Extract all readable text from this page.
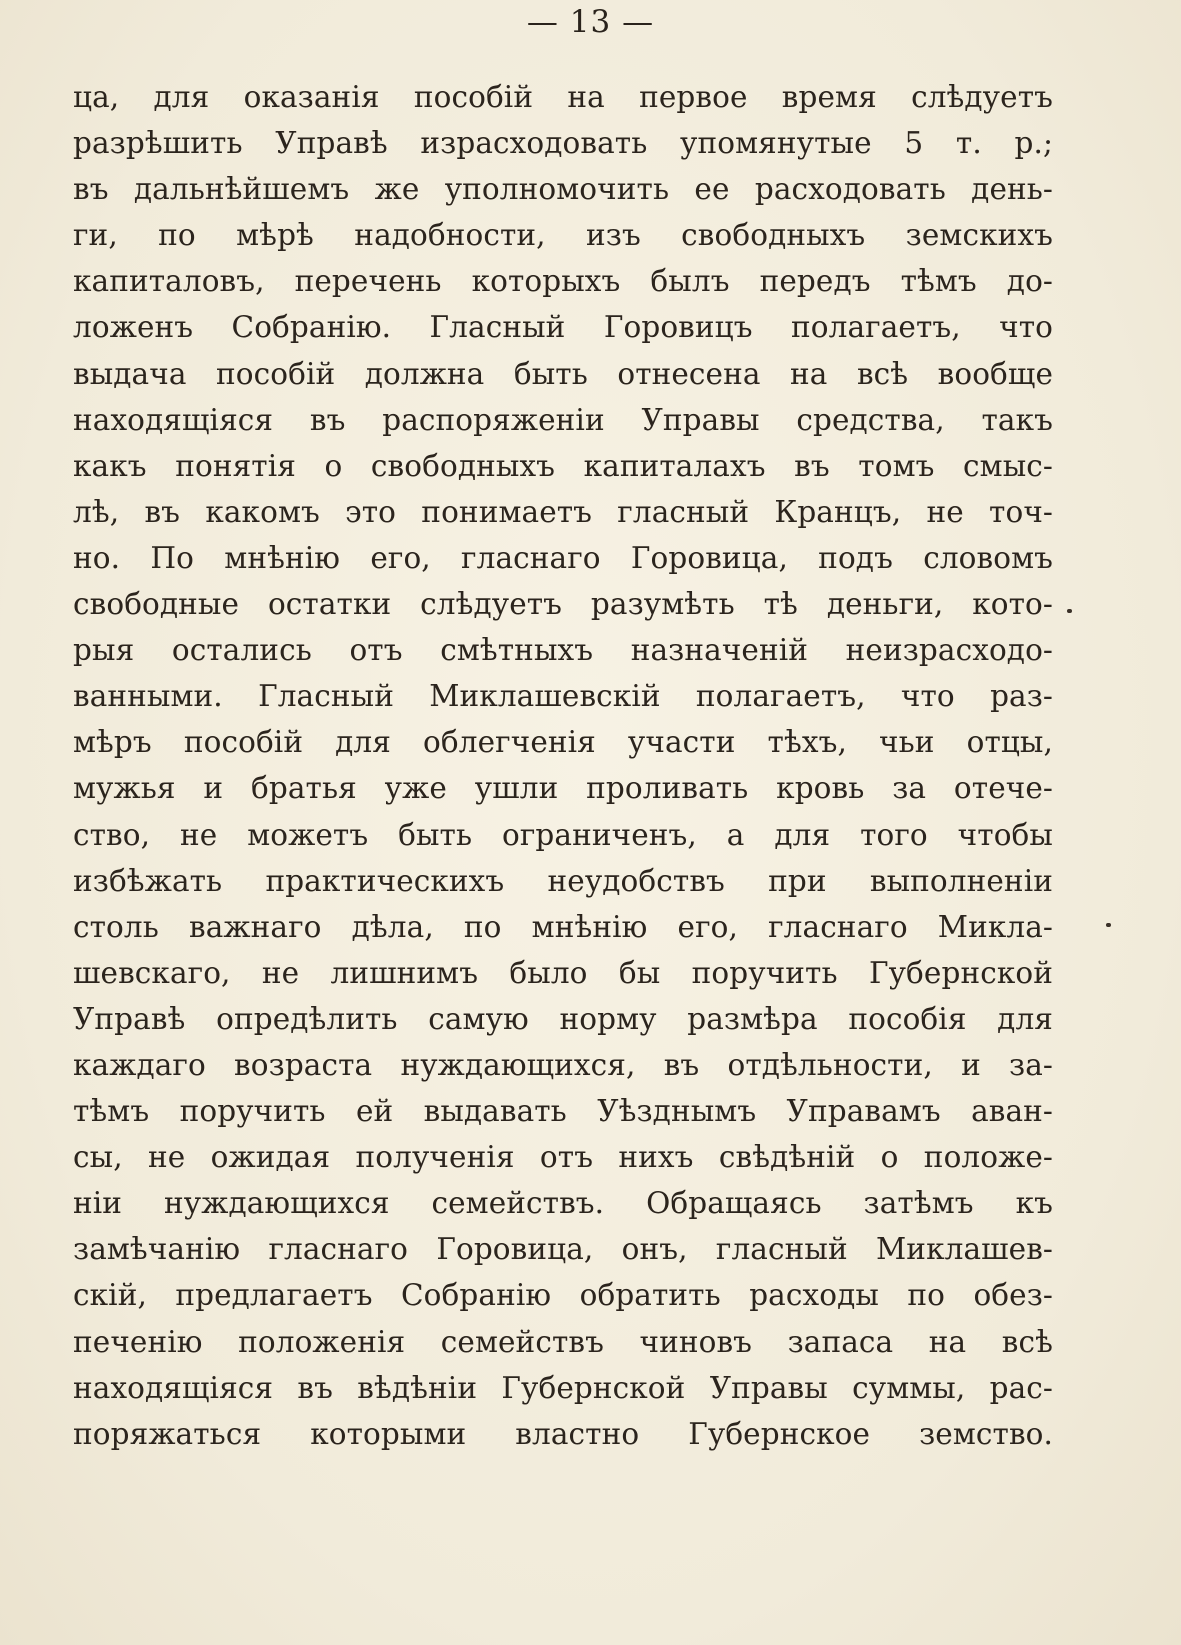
— 13 —
ца, для оказанія пособій на первое время слѣдуетъ
разрѣшить Управѣ израсходовать упомянутые 5 т. р.;
въ дальнѣйшемъ же уполномочить ее расходовать день-
ги, по мѣрѣ надобности, изъ свободныхъ земскихъ
капиталовъ, перечень которыхъ былъ передъ тѣмъ до-
ложенъ Собранію. Гласный Горовицъ полагаетъ, что
выдача пособій должна быть отнесена на всѣ вообще
находящіяся въ распоряженіи Управы средства, такъ
какъ понятія о свободныхъ капиталахъ въ томъ смыс-
лѣ, въ какомъ это понимаетъ гласный Кранцъ, не точ-
но. По мнѣнію его, гласнаго Горовица, подъ словомъ
свободные остатки слѣдуетъ разумѣть тѣ деньги, кото-
рыя остались отъ смѣтныхъ назначеній неизрасходо-
ванными. Гласный Миклашевскій полагаетъ, что раз-
мѣръ пособій для облегченія участи тѣхъ, чьи отцы,
мужья и братья уже ушли проливать кровь за отече-
ство, не можетъ быть ограниченъ, а для того чтобы
избѣжать практическихъ неудобствъ при выполненіи
столь важнаго дѣла, по мнѣнію его, гласнаго Микла-
шевскаго, не лишнимъ было бы поручить Губернской
Управѣ опредѣлить самую норму размѣра пособія для
каждаго возраста нуждающихся, въ отдѣльности, и за-
тѣмъ поручить ей выдавать Уѣзднымъ Управамъ аван-
сы, не ожидая полученія отъ нихъ свѣдѣній о положе-
ніи нуждающихся семействъ. Обращаясь затѣмъ къ
замѣчанію гласнаго Горовица, онъ, гласный Миклашев-
скій, предлагаетъ Собранію обратить расходы по обез-
печенію положенія семействъ чиновъ запаса на всѣ
находящіяся въ вѣдѣніи Губернской Управы суммы, рас-
поряжаться которыми властно Губернское земство.
